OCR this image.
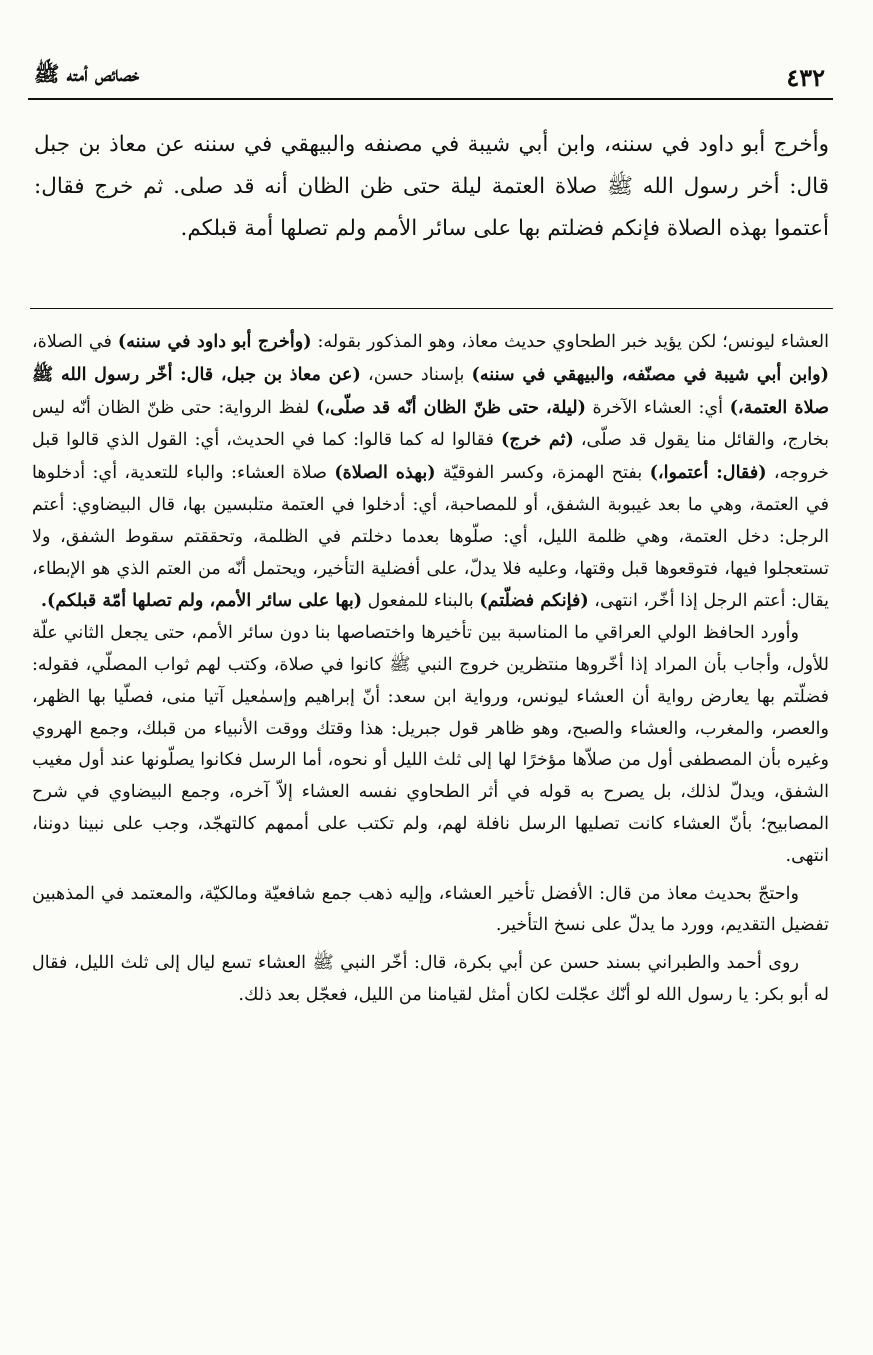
٤٣٢
خصائص أمته ﷺ
وأخرج أبو داود في سننه، وابن أبي شيبة في مصنفه والبيهقي في سننه عن معاذ بن جبل قال: أخر رسول الله ﷺ صلاة العتمة ليلة حتى ظن الظان أنه قد صلى. ثم خرج فقال: أعتموا بهذه الصلاة فإنكم فضلتم بها على سائر الأمم ولم تصلها أمة قبلكم.

العشاء ليونس؛ لكن يؤيد خبر الطحاوي حديث معاذ، وهو المذكور بقوله: (وأخرج أبو داود في سننه) في الصلاة، (وابن أبي شيبة في مصنّفه، والبيهقي في سننه) بإسناد حسن، (عن معاذ بن جبل، قال: أخّر رسول الله ﷺ صلاة العتمة،) أي: العشاء الآخرة (ليلة، حتى ظنّ الظان أنّه قد صلّى،) لفظ الرواية: حتى ظنّ الظان أنّه ليس بخارج، والقائل منا يقول قد صلّى، (ثم خرج) فقالوا له كما قالوا: كما في الحديث، أي: القول الذي قالوا قبل خروجه، (فقال: أعتموا،) بفتح الهمزة، وكسر الفوقيّة (بهذه الصلاة) صلاة العشاء: والباء للتعدية، أي: أدخلوها في العتمة، وهي ما بعد غيبوبة الشفق، أو للمصاحبة، أي: أدخلوا في العتمة متلبسين بها، قال البيضاوي: أعتم الرجل: دخل العتمة، وهي ظلمة الليل، أي: صلّوها بعدما دخلتم في الظلمة، وتحققتم سقوط الشفق، ولا تستعجلوا فيها، فتوقعوها قبل وقتها، وعليه فلا يدلّ، على أفضلية التأخير، ويحتمل أنّه من العتم الذي هو الإبطاء، يقال: أعتم الرجل إذا أخّر، انتهى، (فإنكم فضلّتم) بالبناء للمفعول (بها على سائر الأمم، ولم تصلها أمّة قبلكم).

وأورد الحافظ الولي العراقي ما المناسبة بين تأخيرها واختصاصها بنا دون سائر الأمم، حتى يجعل الثاني علّة للأول، وأجاب بأن المراد إذا أخّروها منتظرين خروج النبي ﷺ كانوا في صلاة، وكتب لهم ثواب المصلّي، فقوله: فضلّتم بها يعارض رواية أن العشاء ليونس، ورواية ابن سعد: أنّ إبراهيم وإسمٰعيل آتيا منى، فصلّيا بها الظهر، والعصر، والمغرب، والعشاء والصبح، وهو ظاهر قول جبريل: هذا وقتك ووقت الأنبياء من قبلك، وجمع الهروي وغيره بأن المصطفى أول من صلاّها مؤخرًا لها إلى ثلث الليل أو نحوه، أما الرسل فكانوا يصلّونها عند أول مغيب الشفق، ويدلّ لذلك، بل يصرح به قوله في أثر الطحاوي نفسه العشاء إلاّ آخره، وجمع البيضاوي في شرح المصابيح؛ بأنّ العشاء كانت تصليها الرسل نافلة لهم، ولم تكتب على أممهم كالتهجّد، وجب على نبينا دوننا، انتهى.

واحتجّ بحديث معاذ من قال: الأفضل تأخير العشاء، وإليه ذهب جمع شافعيّة ومالكيّة، والمعتمد في المذهبين تفضيل التقديم، وورد ما يدلّ على نسخ التأخير.

روى أحمد والطبراني بسند حسن عن أبي بكرة، قال: أخّر النبي ﷺ العشاء تسع ليال إلى ثلث الليل، فقال له أبو بكر: يا رسول الله لو أنّك عجّلت لكان أمثل لقيامنا من الليل، فعجّل بعد ذلك.
